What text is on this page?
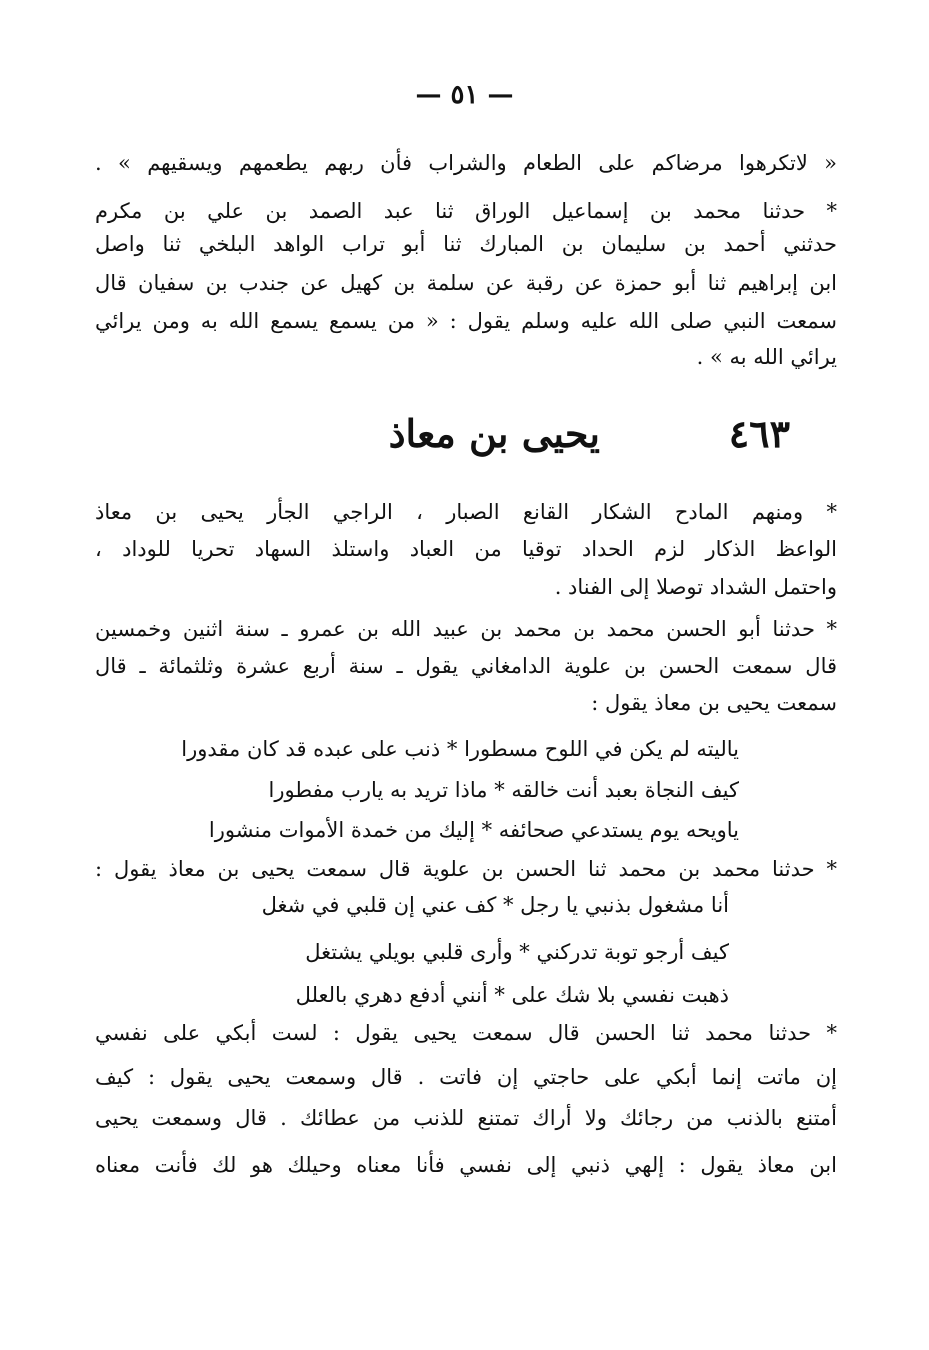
— ٥١ —
« لاتكرهوا مرضاكم على الطعام والشراب فأن ربهم يطعمهم ويسقيهم » .
* حدثنا محمد بن إسماعيل الوراق ثنا عبد الصمد بن علي بن مكرم
حدثني أحمد بن سليمان بن المبارك ثنا أبو تراب الواهد البلخي ثنا واصل
ابن إبراهيم ثنا أبو حمزة عن رقبة عن سلمة بن كهيل عن جندب بن سفيان قال
سمعت النبي صلى الله عليه وسلم يقول : « من يسمع يسمع الله به ومن يرائي
يرائي الله به » .
٤٦٣
يحيى بن معاذ
* ومنهم المادح الشكار القانع الصبار ، الراجي الجأر يحيى بن معاذ
الواعظ الذكار لزم الحداد توقيا من العباد واستلذ السهاد تحريا للوداد ،
واحتمل الشداد توصلا إلى الفناد .
* حدثنا أبو الحسن محمد بن محمد بن عبيد الله بن عمرو ـ سنة اثنين وخمسين
قال سمعت الحسن بن علوية الدامغاني يقول ـ سنة أربع عشرة وثلثمائة ـ قال
سمعت يحيى بن معاذ يقول :
ياليته لم يكن في اللوح مسطورا * ذنب على عبده قد كان مقدورا
كيف النجاة بعبد أنت خالقه * ماذا تريد به يارب مفطورا
ياويحه يوم يستدعي صحائفه * إليك من خمدة الأموات منشورا
* حدثنا محمد بن محمد ثنا الحسن بن علوية قال سمعت يحيى بن معاذ يقول :
أنا مشغول بذنبي يا رجل * كف عني إن قلبي في شغل
كيف أرجو توبة تدركني * وأرى قلبي بويلي يشتغل
ذهبت نفسي بلا شك على * أنني أدفع دهري بالعلل
* حدثنا محمد ثنا الحسن قال سمعت يحيى يقول : لست أبكي على نفسي
إن ماتت إنما أبكي على حاجتي إن فاتت . قال وسمعت يحيى يقول : كيف
أمتنع بالذنب من رجائك ولا أراك تمتنع للذنب من عطائك . قال وسمعت يحيى
ابن معاذ يقول : إلهي ذنبي إلى نفسي فأنا معناه وحيلك هو لك فأنت معناه
